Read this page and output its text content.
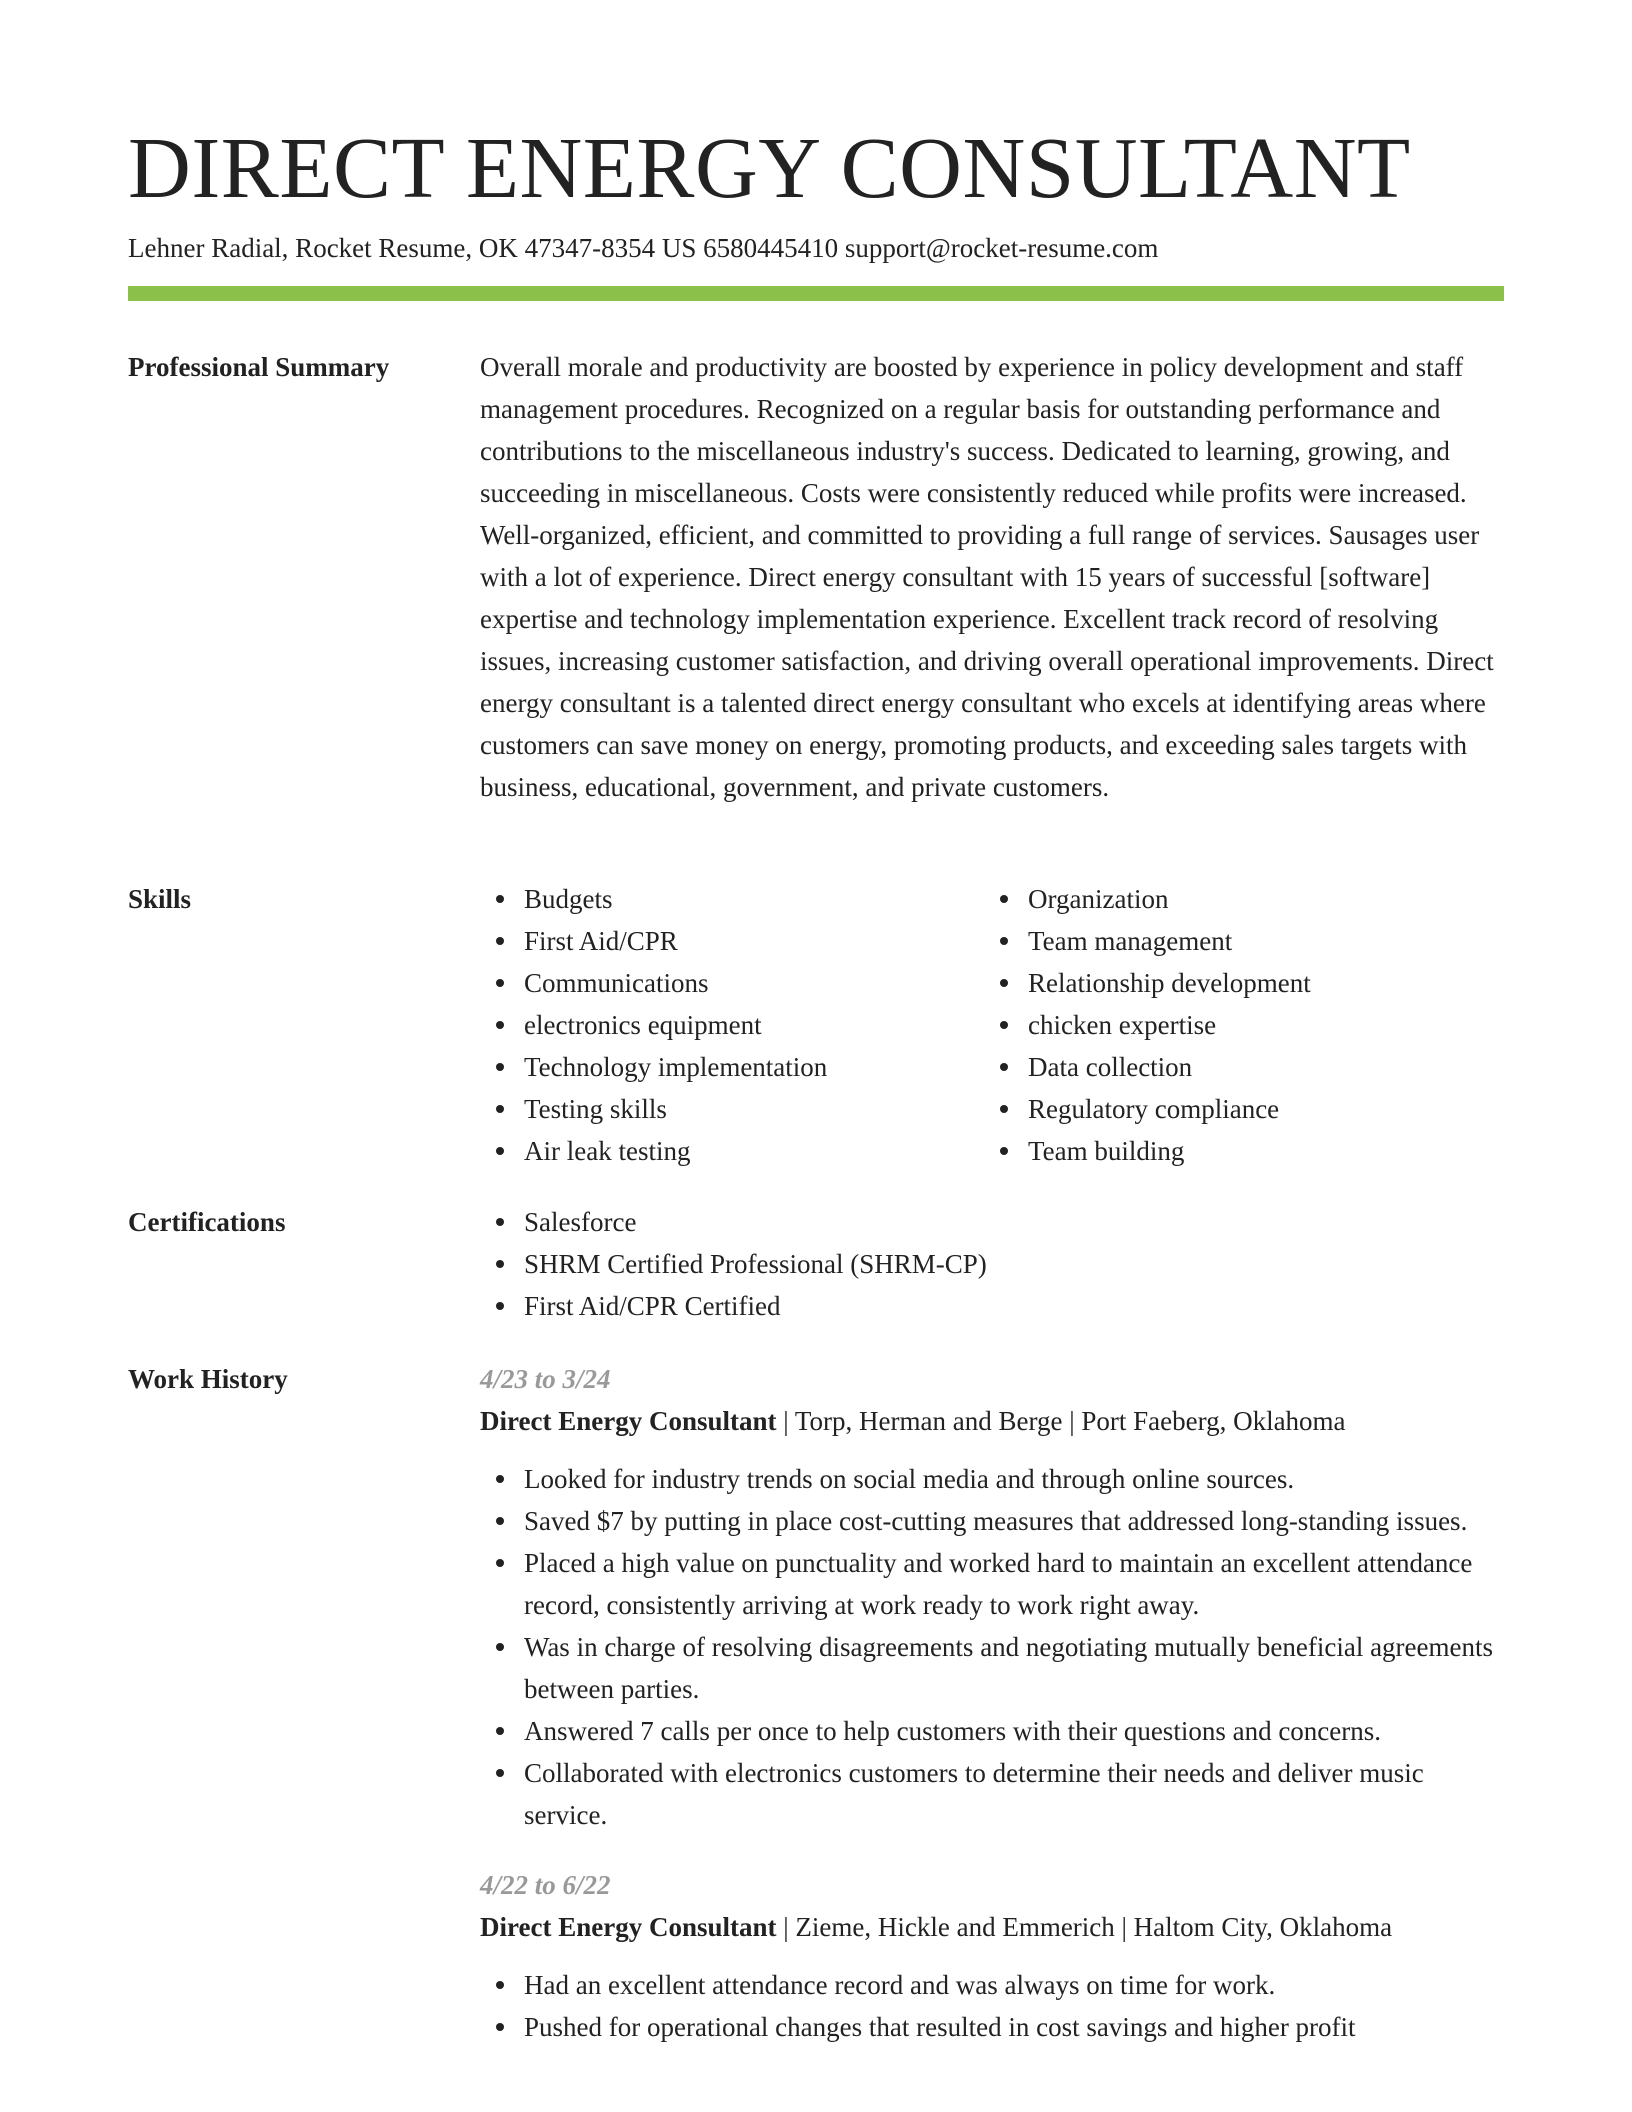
DIRECT ENERGY CONSULTANT
Lehner Radial, Rocket Resume, OK 47347-8354 US 6580445410 support@rocket-resume.com
Professional Summary	Overall morale and productivity are boosted by experience in policy development and staff management procedures. Recognized on a regular basis for outstanding performance and contributions to the miscellaneous industry's success. Dedicated to learning, growing, and succeeding in miscellaneous. Costs were consistently reduced while profits were increased. Well-organized, efficient, and committed to providing a full range of services. Sausages user with a lot of experience. Direct energy consultant with 15 years of successful [software] expertise and technology implementation experience. Excellent track record of resolving issues, increasing customer satisfaction, and driving overall operational improvements. Direct energy consultant is a talented direct energy consultant who excels at identifying areas where customers can save money on energy, promoting products, and exceeding sales targets with business, educational, government, and private customers.

Skills	Budgets
First Aid/CPR
Communications
electronics equipment
Technology implementation
Testing skills
Air leak testing
Organization
Team management
Relationship development
chicken expertise
Data collection
Regulatory compliance
Team building
Certifications	Salesforce
SHRM Certified Professional (SHRM-CP)
First Aid/CPR Certified
Work History	4/23 to 3/24
Direct Energy Consultant | Torp, Herman and Berge | Port Faeberg, Oklahoma
Looked for industry trends on social media and through online sources.
Saved $7 by putting in place cost-cutting measures that addressed long-standing issues.
Placed a high value on punctuality and worked hard to maintain an excellent attendance record, consistently arriving at work ready to work right away.
Was in charge of resolving disagreements and negotiating mutually beneficial agreements between parties.
Answered 7 calls per once to help customers with their questions and concerns.
Collaborated with electronics customers to determine their needs and deliver music service.
4/22 to 6/22
Direct Energy Consultant | Zieme, Hickle and Emmerich | Haltom City, Oklahoma
Had an excellent attendance record and was always on time for work.
Pushed for operational changes that resulted in cost savings and higher profit
